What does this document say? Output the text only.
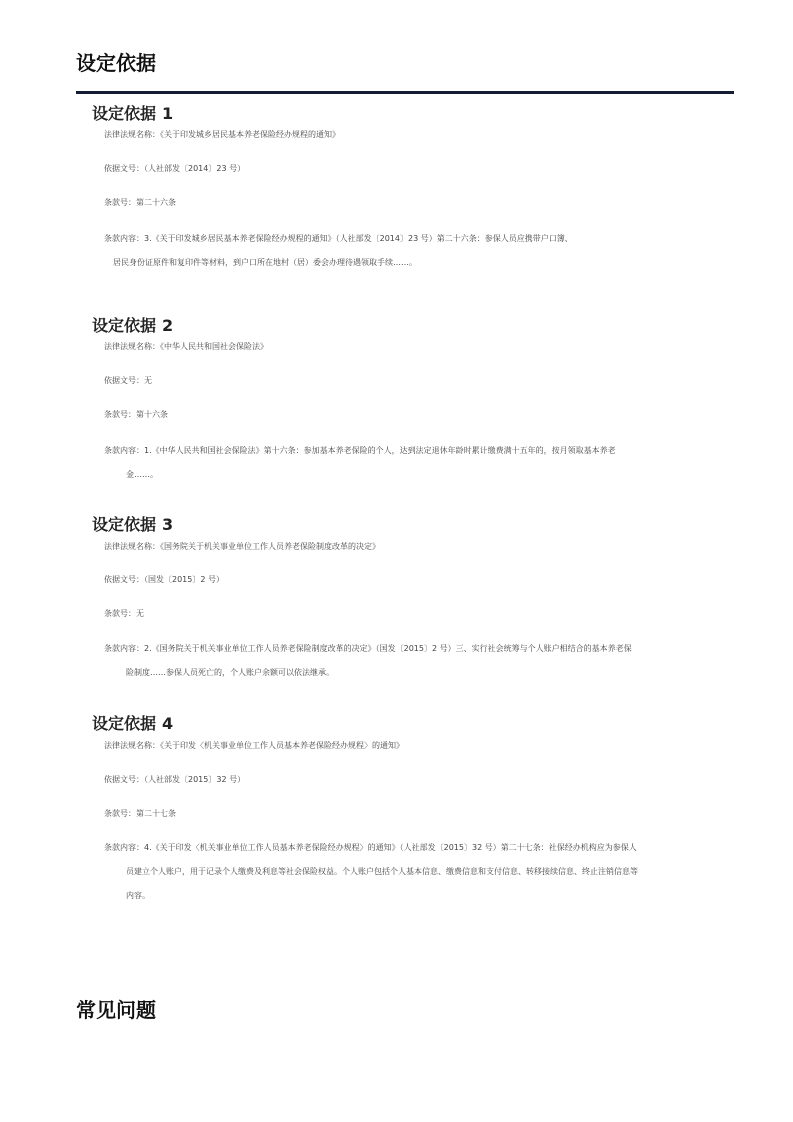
设定依据
设定依据 1
法律法规名称：《关于印发城乡居民基本养老保险经办规程的通知》
依据文号：（人社部发〔2014〕23 号）
条款号：第二十六条
条款内容：3.《关于印发城乡居民基本养老保险经办规程的通知》（人社部发〔2014〕23 号）第二十六条：参保人员应携带户口簿、
居民身份证原件和复印件等材料，到户口所在地村（居）委会办理待遇领取手续……。
设定依据 2
法律法规名称：《中华人民共和国社会保险法》
依据文号：无
条款号：第十六条
条款内容：1.《中华人民共和国社会保险法》第十六条：参加基本养老保险的个人，达到法定退休年龄时累计缴费满十五年的，按月领取基本养老
金……。
设定依据 3
法律法规名称：《国务院关于机关事业单位工作人员养老保险制度改革的决定》
依据文号：（国发〔2015〕2 号）
条款号：无
条款内容：2.《国务院关于机关事业单位工作人员养老保险制度改革的决定》（国发〔2015〕2 号）三、实行社会统筹与个人账户相结合的基本养老保
险制度……参保人员死亡的，个人账户余额可以依法继承。
设定依据 4
法律法规名称：《关于印发〈机关事业单位工作人员基本养老保险经办规程〉的通知》
依据文号：（人社部发〔2015〕32 号）
条款号：第二十七条
条款内容：4.《关于印发〈机关事业单位工作人员基本养老保险经办规程〉的通知》（人社部发〔2015〕32 号）第二十七条：社保经办机构应为参保人
员建立个人账户，用于记录个人缴费及利息等社会保险权益。个人账户包括个人基本信息、缴费信息和支付信息、转移接续信息、终止注销信息等
内容。
常见问题
